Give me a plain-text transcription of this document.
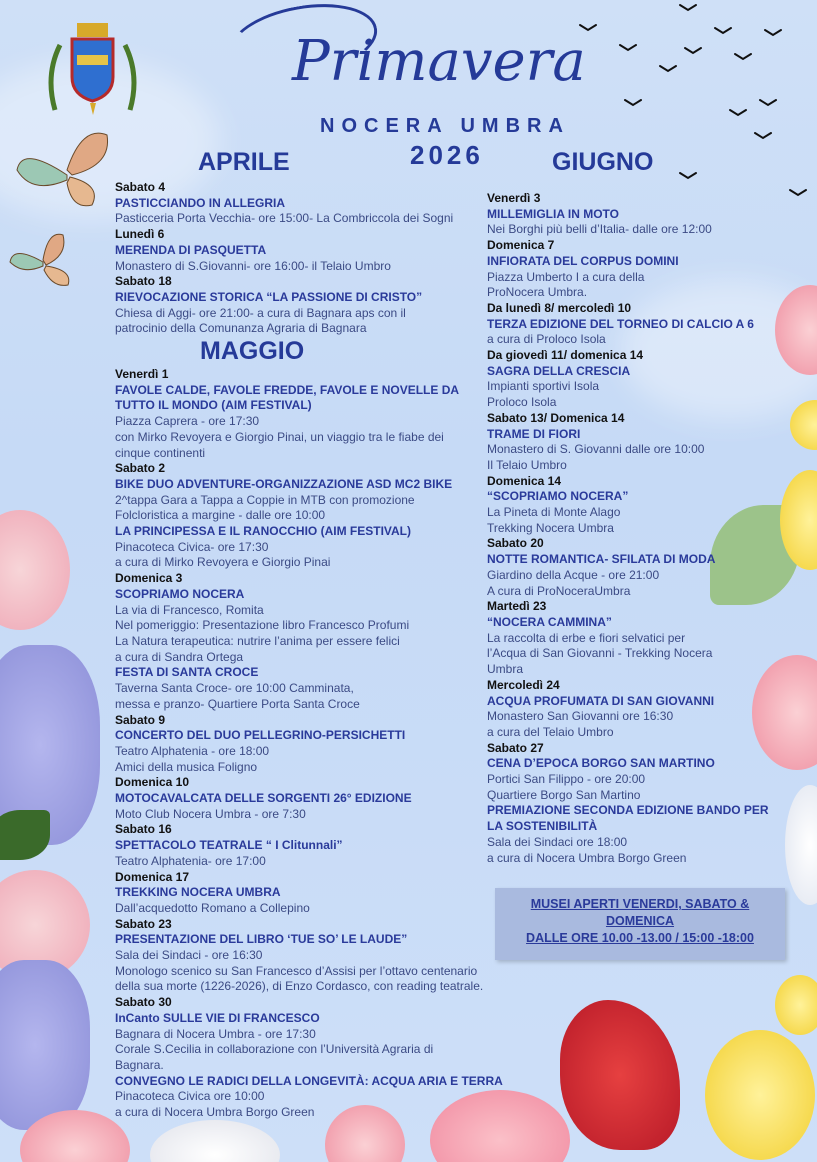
Primavera
NOCERA UMBRA
2026
APRILE	GIUGNO
Sabato 4
PASTICCIANDO IN ALLEGRIA
Pasticceria Porta Vecchia- ore 15:00- La Combriccola dei Sogni
Lunedì 6
MERENDA DI PASQUETTA
Monastero di S.Giovanni- ore 16:00- il Telaio Umbro
Sabato 18
RIEVOCAZIONE STORICA “LA PASSIONE DI CRISTO”
Chiesa di Aggi- ore 21:00- a cura di Bagnara aps con il
patrocinio della Comunanza Agraria di Bagnara
MAGGIO
Venerdì 1
FAVOLE CALDE, FAVOLE FREDDE, FAVOLE E NOVELLE DA
TUTTO IL MONDO (AIM FESTIVAL)
Piazza Caprera - ore 17:30
con Mirko Revoyera e Giorgio Pinai, un viaggio tra le fiabe dei
cinque continenti
Sabato 2
BIKE DUO ADVENTURE-ORGANIZZAZIONE ASD MC2 BIKE
2^tappa Gara a Tappa a Coppie in MTB con promozione
Folcloristica a margine - dalle ore 10:00
LA PRINCIPESSA E IL RANOCCHIO (AIM FESTIVAL)
Pinacoteca Civica- ore 17:30
a cura di Mirko Revoyera e Giorgio Pinai
Domenica 3
SCOPRIAMO NOCERA
La via di Francesco, Romita
Nel pomeriggio: Presentazione libro Francesco Profumi
La Natura terapeutica: nutrire l’anima per essere felici
a cura di Sandra Ortega
FESTA DI SANTA CROCE
Taverna Santa Croce- ore 10:00 Camminata,
messa e pranzo- Quartiere Porta Santa Croce
Sabato 9
CONCERTO DEL DUO PELLEGRINO-PERSICHETTI
Teatro Alphatenia - ore 18:00
Amici della musica Foligno
Domenica 10
MOTOCAVALCATA DELLE SORGENTI 26° EDIZIONE
Moto Club Nocera Umbra - ore 7:30
Sabato 16
SPETTACOLO TEATRALE “ I Clitunnali”
Teatro Alphatenia- ore 17:00
Domenica 17
TREKKING NOCERA UMBRA
Dall’acquedotto Romano a Collepino
Sabato 23
PRESENTAZIONE DEL LIBRO ‘TUE SO’ LE LAUDE”
Sala dei Sindaci - ore 16:30
Monologo scenico su San Francesco d’Assisi per l’ottavo centenario
della sua morte (1226-2026), di Enzo Cordasco, con reading teatrale.
Sabato 30
InCanto SULLE VIE DI FRANCESCO
Bagnara di Nocera Umbra - ore 17:30
Corale S.Cecilia in collaborazione con l’Università Agraria di
Bagnara.
CONVEGNO LE RADICI DELLA LONGEVITÀ: ACQUA ARIA E TERRA
Pinacoteca Civica ore 10:00
a cura di Nocera Umbra Borgo Green
Venerdì 3
MILLEMIGLIA IN MOTO
Nei Borghi più belli d’Italia- dalle ore 12:00
Domenica 7
INFIORATA DEL CORPUS DOMINI
Piazza Umberto I a cura della
ProNocera Umbra.
Da lunedì 8/ mercoledì 10
TERZA EDIZIONE DEL TORNEO DI CALCIO A 6
a cura di Proloco Isola
Da giovedì 11/ domenica 14
SAGRA DELLA CRESCIA
Impianti sportivi Isola
Proloco Isola
Sabato 13/ Domenica 14
TRAME DI FIORI
Monastero di S. Giovanni dalle ore 10:00
Il Telaio Umbro
Domenica 14
“SCOPRIAMO NOCERA”
La Pineta di Monte Alago
Trekking Nocera Umbra
Sabato 20
NOTTE ROMANTICA- SFILATA DI MODA
Giardino della Acque - ore 21:00
A cura di ProNoceraUmbra
Martedì 23
“NOCERA CAMMINA”
La raccolta di erbe e fiori selvatici per
l’Acqua di San Giovanni - Trekking Nocera
Umbra
Mercoledì 24
ACQUA PROFUMATA DI SAN GIOVANNI
Monastero San Giovanni ore 16:30
a cura del Telaio Umbro
Sabato 27
CENA D’EPOCA BORGO SAN MARTINO
Portici San Filippo - ore 20:00
Quartiere Borgo San Martino
PREMIAZIONE SECONDA EDIZIONE BANDO PER
LA SOSTENIBILITÀ
Sala dei Sindaci ore 18:00
a cura di Nocera Umbra Borgo Green
MUSEI APERTI VENERDI, SABATO &
DOMENICA
DALLE ORE 10.00 -13.00 / 15:00 -18:00
